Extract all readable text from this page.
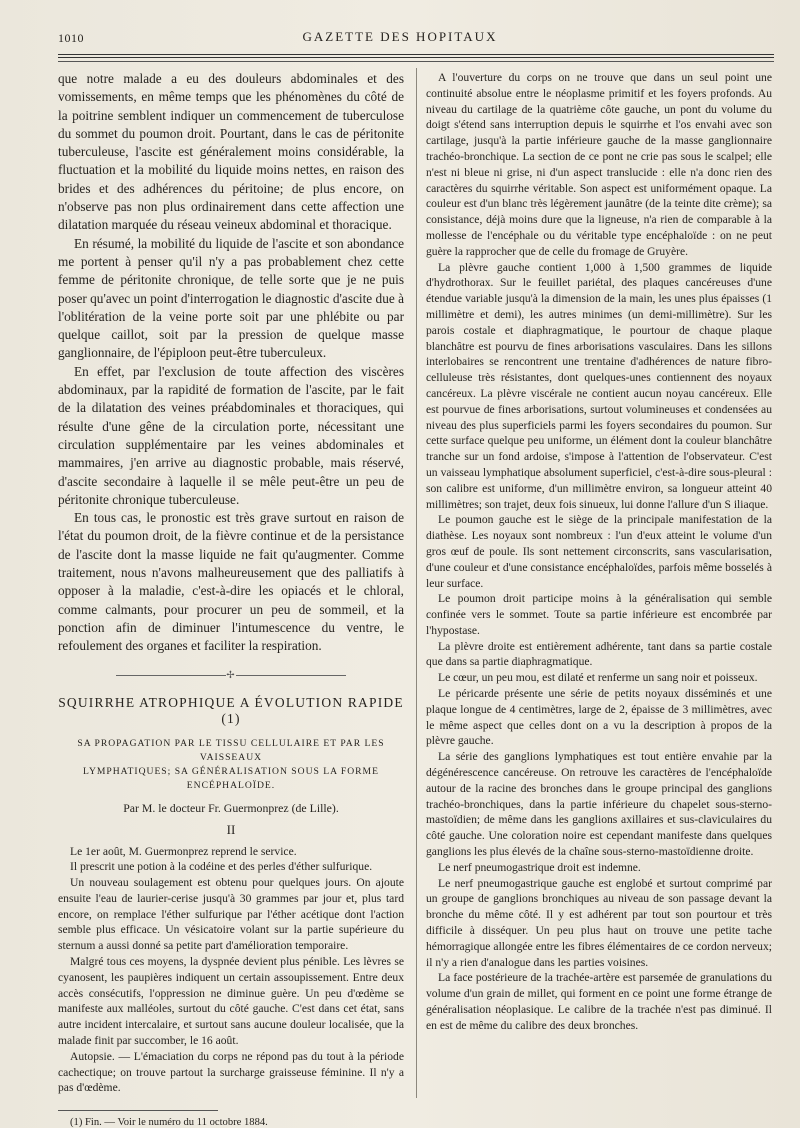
1010	GAZETTE DES HOPITAUX

que notre malade a eu des douleurs abdominales et des vomissements, en même temps que les phénomènes du côté de la poitrine semblent indiquer un commencement de tuberculose du sommet du poumon droit. Pourtant, dans le cas de péritonite tuberculeuse, l'ascite est généralement moins considérable, la fluctuation et la mobilité du liquide moins nettes, en raison des brides et des adhérences du péritoine; de plus encore, on n'observe pas non plus ordinairement dans cette affection une dilatation marquée du réseau veineux abdominal et thoracique.

En résumé, la mobilité du liquide de l'ascite et son abondance me portent à penser qu'il n'y a pas probablement chez cette femme de péritonite chronique, de telle sorte que je ne puis poser qu'avec un point d'interrogation le diagnostic d'ascite due à l'oblitération de la veine porte soit par une phlébite ou par quelque caillot, soit par la pression de quelque masse ganglionnaire, de l'épiploon peut-être tuberculeux.

En effet, par l'exclusion de toute affection des viscères abdominaux, par la rapidité de formation de l'ascite, par le fait de la dilatation des veines préabdominales et thoraciques, qui résulte d'une gêne de la circulation porte, nécessitant une circulation supplémentaire par les veines abdominales et mammaires, j'en arrive au diagnostic probable, mais réservé, d'ascite secondaire à laquelle il se mêle peut-être un peu de péritonite chronique tuberculeuse.

En tous cas, le pronostic est très grave surtout en raison de l'état du poumon droit, de la fièvre continue et de la persistance de l'ascite dont la masse liquide ne fait qu'augmenter. Comme traitement, nous n'avons malheureusement que des palliatifs à opposer à la maladie, c'est-à-dire les opiacés et le chloral, comme calmants, pour procurer un peu de sommeil, et la ponction afin de diminuer l'intumescence du ventre, le refoulement des organes et faciliter la respiration.

✢
SQUIRRHE ATROPHIQUE A ÉVOLUTION RAPIDE (1)
SA PROPAGATION PAR LE TISSU CELLULAIRE ET PAR LES VAISSEAUX
LYMPHATIQUES; SA GÉNÉRALISATION SOUS LA FORME ENCÉPHALOÏDE.
Par M. le docteur Fr. Guermonprez (de Lille).
II

Le 1er août, M. Guermonprez reprend le service.

Il prescrit une potion à la codéine et des perles d'éther sulfurique.

Un nouveau soulagement est obtenu pour quelques jours. On ajoute ensuite l'eau de laurier-cerise jusqu'à 30 grammes par jour et, plus tard encore, on remplace l'éther sulfurique par l'éther acétique dont l'action semble plus efficace. Un vésicatoire volant sur la partie supérieure du sternum a aussi donné sa petite part d'amélioration temporaire.

Malgré tous ces moyens, la dyspnée devient plus pénible. Les lèvres se cyanosent, les paupières indiquent un certain assoupissement. Entre deux accès consécutifs, l'oppression ne diminue guère. Un peu d'œdème se manifeste aux malléoles, surtout du côté gauche. C'est dans cet état, sans autre incident intercalaire, et surtout sans aucune douleur localisée, que la malade finit par succomber, le 16 août.

Autopsie. — L'émaciation du corps ne répond pas du tout à la période cachectique; on trouve partout la surcharge graisseuse féminine. Il n'y a pas d'œdème.

(1) Fin. — Voir le numéro du 11 octobre 1884.

A l'ouverture du corps on ne trouve que dans un seul point une continuité absolue entre le néoplasme primitif et les foyers profonds. Au niveau du cartilage de la quatrième côte gauche, un pont du volume du doigt s'étend sans interruption depuis le squirrhe et l'os envahi avec son cartilage, jusqu'à la partie inférieure gauche de la masse ganglionnaire trachéo-bronchique. La section de ce pont ne crie pas sous le scalpel; elle n'est ni bleue ni grise, ni d'un aspect translucide : elle n'a donc rien des caractères du squirrhe véritable. Son aspect est uniformément opaque. La couleur est d'un blanc très légèrement jaunâtre (de la teinte dite crème); sa consistance, déjà moins dure que la ligneuse, n'a rien de comparable à la mollesse de l'encéphale ou du véritable type encéphaloïde : on ne peut guère la rapprocher que de celle du fromage de Gruyère.

La plèvre gauche contient 1,000 à 1,500 grammes de liquide d'hydrothorax. Sur le feuillet pariétal, des plaques cancéreuses d'une étendue variable jusqu'à la dimension de la main, les unes plus épaisses (1 millimètre et demi), les autres minimes (un demi-millimètre). Sur les parois costale et diaphragmatique, le pourtour de chaque plaque blanchâtre est pourvu de fines arborisations vasculaires. Dans les sillons interlobaires se rencontrent une trentaine d'adhérences de nature fibro-celluleuse très résistantes, dont quelques-unes contiennent des noyaux cancéreux. La plèvre viscérale ne contient aucun noyau cancéreux. Elle est pourvue de fines arborisations, surtout volumineuses et condensées au niveau des plus superficiels parmi les foyers secondaires du poumon. Sur cette surface quelque peu uniforme, un élément dont la couleur blanchâtre tranche sur un fond ardoise, s'impose à l'attention de l'observateur. C'est un vaisseau lymphatique absolument superficiel, c'est-à-dire sous-pleural : son calibre est uniforme, d'un millimètre environ, sa longueur atteint 40 millimètres; son trajet, deux fois sinueux, lui donne l'allure d'un S iliaque.

Le poumon gauche est le siège de la principale manifestation de la diathèse. Les noyaux sont nombreux : l'un d'eux atteint le volume d'un gros œuf de poule. Ils sont nettement circonscrits, sans vascularisation, d'une couleur et d'une consistance encéphaloïdes, parfois même bosselés à leur surface.

Le poumon droit participe moins à la généralisation qui semble confinée vers le sommet. Toute sa partie inférieure est encombrée par l'hypostase.

La plèvre droite est entièrement adhérente, tant dans sa partie costale que dans sa partie diaphragmatique.

Le cœur, un peu mou, est dilaté et renferme un sang noir et poisseux.

Le péricarde présente une série de petits noyaux disséminés et une plaque longue de 4 centimètres, large de 2, épaisse de 3 millimètres, avec le même aspect que celles dont on a vu la description à propos de la plèvre gauche.

La série des ganglions lymphatiques est tout entière envahie par la dégénérescence cancéreuse. On retrouve les caractères de l'encéphaloïde autour de la racine des bronches dans le groupe principal des ganglions trachéo-bronchiques, dans la partie inférieure du chapelet sous-sterno-mastoïdien; de même dans les ganglions axillaires et sus-claviculaires du côté gauche. Une coloration noire est cependant manifeste dans quelques ganglions les plus élevés de la chaîne sous-sterno-mastoïdienne droite.

Le nerf pneumogastrique droit est indemne.

Le nerf pneumogastrique gauche est englobé et surtout comprimé par un groupe de ganglions bronchiques au niveau de son passage devant la bronche du même côté. Il y est adhérent par tout son pourtour et très difficile à disséquer. Un peu plus haut on trouve une petite tache hémorragique allongée entre les fibres élémentaires de ce cordon nerveux; il n'y a rien d'analogue dans les parties voisines.

La face postérieure de la trachée-artère est parsemée de granulations du volume d'un grain de millet, qui forment en ce point une forme étrange de généralisation néoplasique. Le calibre de la trachée n'est pas diminué. Il en est de même du calibre des deux bronches.
